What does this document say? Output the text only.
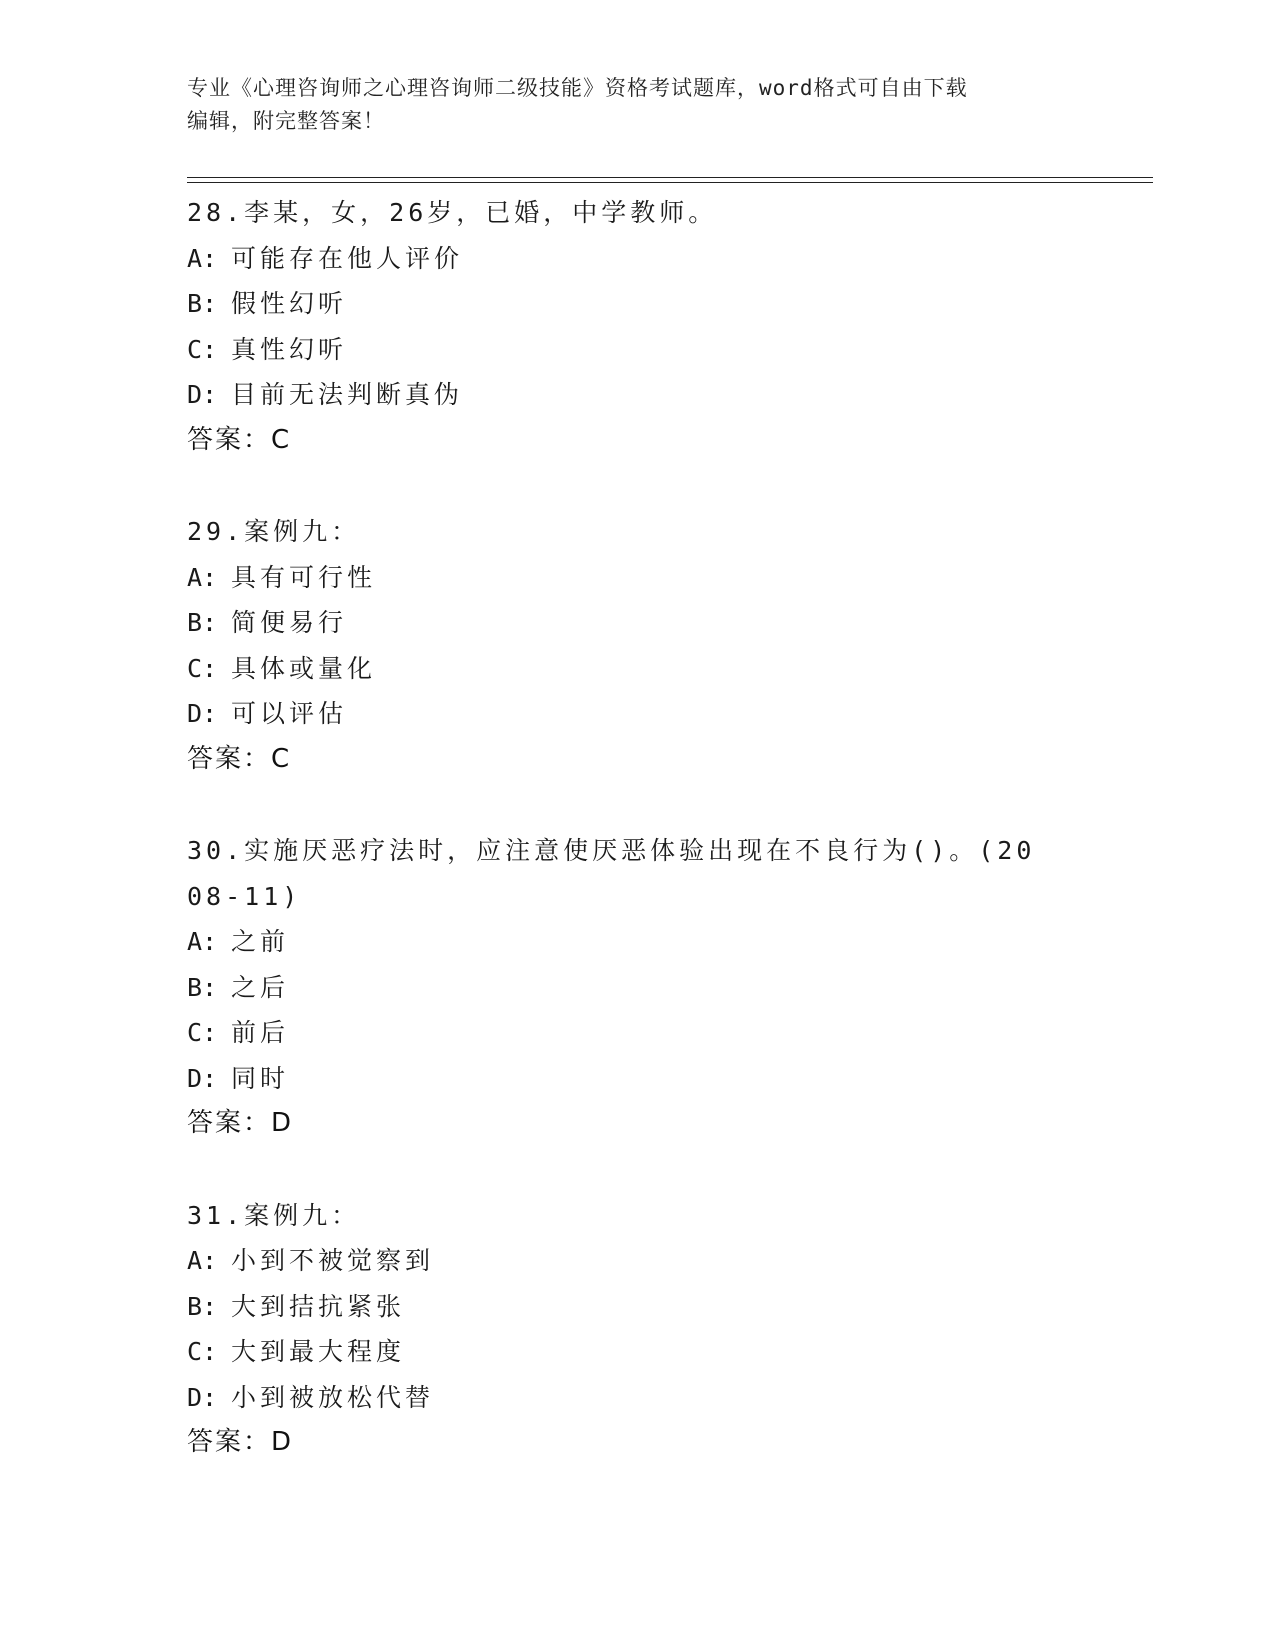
专业《心理咨询师之心理咨询师二级技能》资格考试题库，word格式可自由下载
编辑，附完整答案！
28.李某，女，26岁，已婚，中学教师。
A: 可能存在他人评价
B: 假性幻听
C: 真性幻听
D: 目前无法判断真伪
答案：C
29.案例九：
A: 具有可行性
B: 简便易行
C: 具体或量化
D: 可以评估
答案：C
30.实施厌恶疗法时，应注意使厌恶体验出现在不良行为()。(2008-11)
A: 之前
B: 之后
C: 前后
D: 同时
答案：D
31.案例九：
A: 小到不被觉察到
B: 大到拮抗紧张
C: 大到最大程度
D: 小到被放松代替
答案：D
